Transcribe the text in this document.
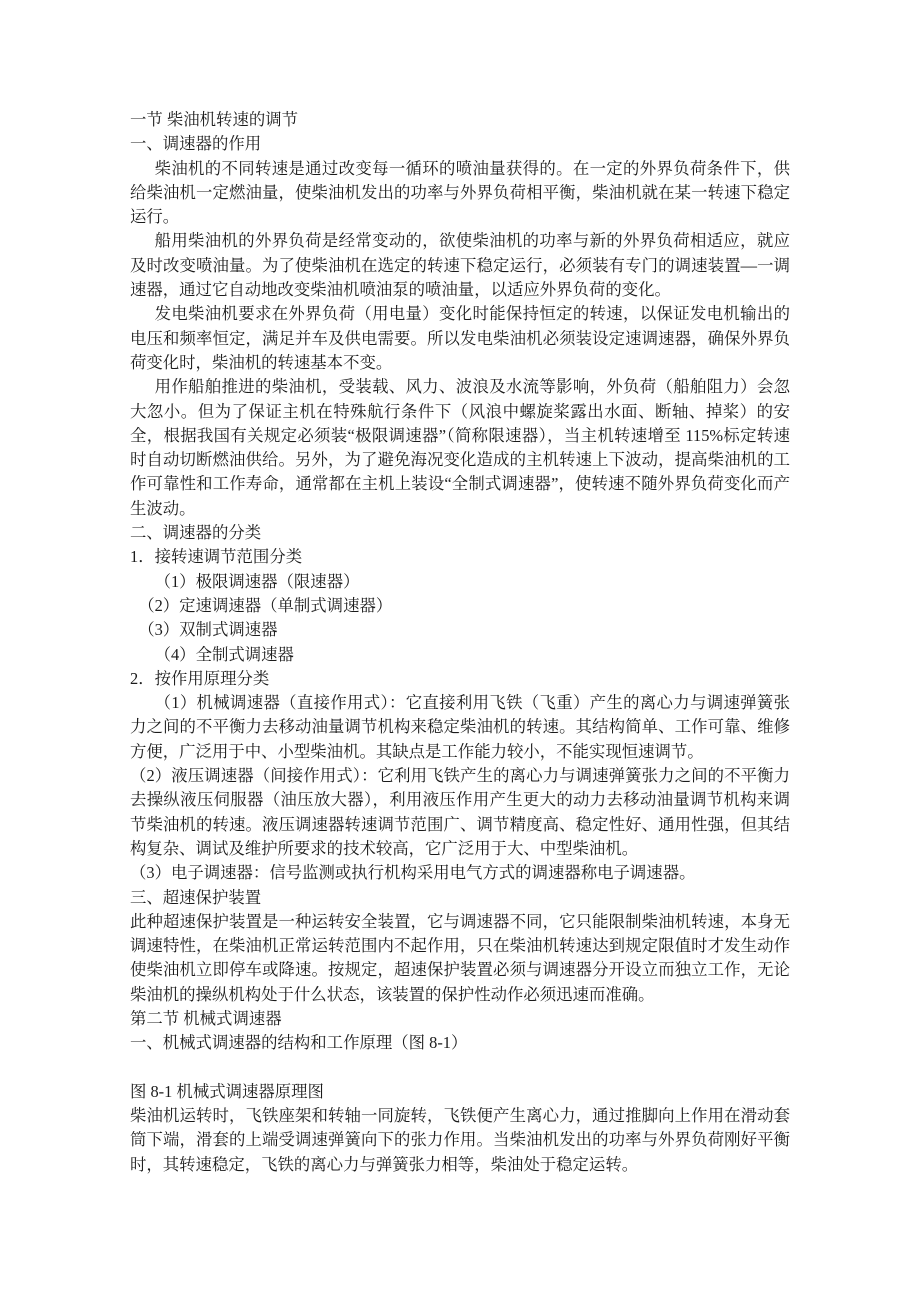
一节 柴油机转速的调节

一、调速器的作用

柴油机的不同转速是通过改变每一循环的喷油量获得的。在一定的外界负荷条件下，供给柴油机一定燃油量，使柴油机发出的功率与外界负荷相平衡，柴油机就在某一转速下稳定运行。

船用柴油机的外界负荷是经常变动的，欲使柴油机的功率与新的外界负荷相适应，就应及时改变喷油量。为了使柴油机在选定的转速下稳定运行，必须装有专门的调速装置—一调速器，通过它自动地改变柴油机喷油泵的喷油量，以适应外界负荷的变化。

发电柴油机要求在外界负荷（用电量）变化时能保持恒定的转速，以保证发电机输出的电压和频率恒定，满足并车及供电需要。所以发电柴油机必须装设定速调速器，确保外界负荷变化时，柴油机的转速基本不变。

用作船舶推进的柴油机，受装载、风力、波浪及水流等影响，外负荷（船舶阻力）会忽大忽小。但为了保证主机在特殊航行条件下（风浪中螺旋桨露出水面、断轴、掉桨）的安全，根据我国有关规定必须装“极限调速器”（简称限速器），当主机转速增至 115%标定转速时自动切断燃油供给。另外，为了避免海况变化造成的主机转速上下波动，提高柴油机的工作可靠性和工作寿命，通常都在主机上装设“全制式调速器”，使转速不随外界负荷变化而产生波动。

二、调速器的分类

1．接转速调节范围分类

（1）极限调速器（限速器）

（2）定速调速器（单制式调速器）

（3）双制式调速器

（4）全制式调速器

2．按作用原理分类

（1）机械调速器（直接作用式）：它直接利用飞铁（飞重）产生的离心力与调速弹簧张力之间的不平衡力去移动油量调节机构来稳定柴油机的转速。其结构简单、工作可靠、维修方便，广泛用于中、小型柴油机。其缺点是工作能力较小，不能实现恒速调节。

（2）液压调速器（间接作用式）：它利用飞铁产生的离心力与调速弹簧张力之间的不平衡力去操纵液压伺服器（油压放大器），利用液压作用产生更大的动力去移动油量调节机构来调节柴油机的转速。液压调速器转速调节范围广、调节精度高、稳定性好、通用性强，但其结构复杂、调试及维护所要求的技术较高，它广泛用于大、中型柴油机。

（3）电子调速器：信号监测或执行机构采用电气方式的调速器称电子调速器。

三、超速保护装置

此种超速保护装置是一种运转安全装置，它与调速器不同，它只能限制柴油机转速，本身无调速特性，在柴油机正常运转范围内不起作用，只在柴油机转速达到规定限值时才发生动作使柴油机立即停车或降速。按规定，超速保护装置必须与调速器分开设立而独立工作，无论柴油机的操纵机构处于什么状态，该装置的保护性动作必须迅速而准确。

第二节 机械式调速器

一、机械式调速器的结构和工作原理（图 8-1）

图 8-1 机械式调速器原理图

柴油机运转时，飞铁座架和转轴一同旋转，飞铁便产生离心力，通过推脚向上作用在滑动套筒下端，滑套的上端受调速弹簧向下的张力作用。当柴油机发出的功率与外界负荷刚好平衡时，其转速稳定，飞铁的离心力与弹簧张力相等，柴油处于稳定运转。
